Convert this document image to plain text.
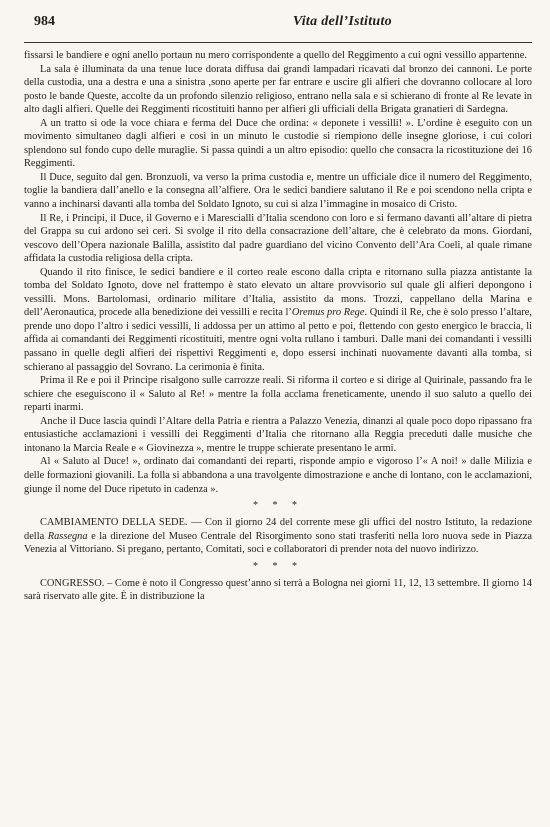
984	Vita dell’Istituto

fissarsi le bandiere e ogni anello portaun nu mero corrispondente a quello del Reggimento a cui ogni vessillo appartenne.

La sala è illuminata da una tenue luce dorata diffusa dai grandi lampadari ricavati dal bronzo dei cannoni. Le porte della custodia, una a destra e una a sinistra ,sono aperte per far entrare e uscire gli alfieri che dovranno collocare al loro posto le bande Queste, accolte da un profondo silenzio religioso, entrano nella sala e si schierano di fronte al Re levate in alto dagli alfieri. Quelle dei Reggimenti ricostituiti hanno per alfieri gli ufficiali della Brigata granatieri di Sardegna.

A un tratto si ode la voce chiara e ferma del Duce che ordina: « deponete i vessilli! ». L’ordine è eseguito con un movimento simultaneo dagli alfieri e così in un minuto le custodie si riempiono delle insegne gloriose, i cui colori splendono sul fondo cupo delle muraglie. Si passa quindi a un altro episodio: quello che consacra la ricostituzione dei 16 Reggimenti.

Il Duce, seguito dal gen. Bronzuoli, va verso la prima custodia e, mentre un ufficiale dice il numero del Reggimento, toglie la bandiera dall’anello e la consegna all’alfiere. Ora le sedici bandiere salutano il Re e poi scendono nella cripta e vanno a inchinarsi davanti alla tomba del Soldato Ignoto, su cui si alza l’immagine in mosaico di Cristo.

Il Re, i Principi, il Duce, il Governo e i Marescialli d’Italia scendono con loro e si fermano davanti all’altare di pietra del Grappa su cui ardono sei ceri. Si svolge il rito della consacrazione dell’altare, che è celebrato da mons. Giordani, vescovo dell’Opera nazionale Balilla, assistito dal padre guardiano del vicino Convento dell’Ara Coeli, al quale rimane affidata la custodia religiosa della cripta.

Quando il rito finisce, le sedici bandiere e il corteo reale escono dalla cripta e ritornano sulla piazza antistante la tomba del Soldato Ignoto, dove nel frattempo è stato elevato un altare provvisorio sul quale gli alfieri depongono i vessilli. Mons. Bartolomasi, ordinario militare d’Italia, assistito da mons. Trozzi, cappellano della Marina e dell’Aeronautica, procede alla benedizione dei vessilli e recita l’Oremus pro Rege. Quindi il Re, che è solo presso l’altare, prende uno dopo l’altro i sedici vessilli, li addossa per un attimo al petto e poi, flettendo con gesto energico le braccia, li affida ai comandanti dei Reggimenti ricostituiti, mentre ogni volta rullano i tamburi. Dalle mani dei comandanti i vessilli passano in quelle degli alfieri dei rispettivi Reggimenti e, dopo essersi inchinati nuovamente davanti alla tomba, si schierano al passaggio del Sovrano. La cerimonia è finita.

Prima il Re e poi il Principe risalgono sulle carrozze reali. Si riforma il corteo e si dirige al Quirinale, passando fra le schiere che eseguiscono il « Saluto al Re! » mentre la folla acclama freneticamente, unendo il suo saluto a quello dei reparti inarmi.

Anche il Duce lascia quindi l’Altare della Patria e rientra a Palazzo Venezia, dinanzi al quale poco dopo ripassano fra entusiastiche acclamazioni i vessilli dei Reggimenti d’Italia che ritornano alla Reggia preceduti dalle musiche che intonano la Marcia Reale e « Giovinezza », mentre le truppe schierate presentano le armi.

Al « Saluto al Duce! », ordinato dai comandanti dei reparti, risponde ampio e vigoroso l’« A noi! » dalle Milizia e delle formazioni giovanili. La folla si abbandona a una travolgente dimostrazione e anche di lontano, con le acclamazioni, giunge il nome del Duce ripetuto in cadenza ».

* * *

CAMBIAMENTO DELLA SEDE. — Con il giorno 24 del corrente mese gli uffici del nostro Istituto, la redazione della Rassegna e la direzione del Museo Centrale del Risorgimento sono stati trasferiti nella loro nuova sede in Piazza Venezia al Vittoriano. Si pregano, pertanto, Comitati, soci e collaboratori di prender nota del nuovo indirizzo.

* * *

CONGRESSO. – Come è noto il Congresso quest’anno si terrà a Bologna nei giorni 11, 12, 13 settembre. Il giorno 14 sarà riservato alle gite. È in distribuzione la
